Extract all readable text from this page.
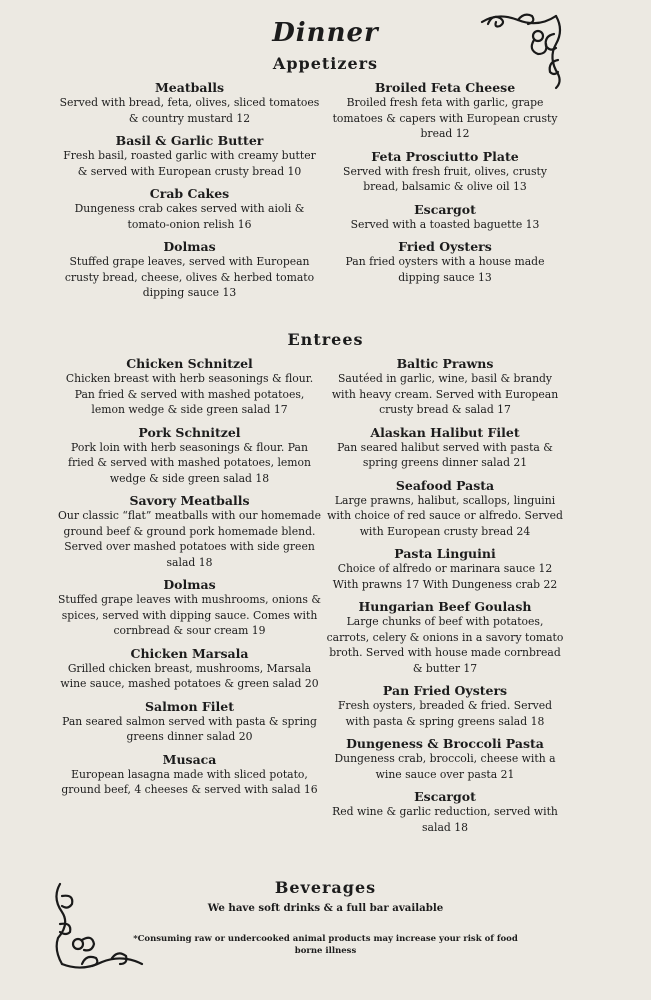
Dinner
Appetizers
Meatballs
Served with bread, feta, olives, sliced tomatoes & country mustard 12
Basil & Garlic Butter
Fresh basil, roasted garlic with creamy butter & served with European crusty bread 10
Crab Cakes
Dungeness crab cakes served with aioli & tomato-onion relish 16
Dolmas
Stuffed grape leaves, served with European crusty bread, cheese, olives & herbed tomato dipping sauce 13
Broiled Feta Cheese
Broiled fresh feta with garlic, grape tomatoes & capers with European crusty bread 12
Feta Prosciutto Plate
Served with fresh fruit, olives, crusty bread, balsamic & olive oil 13
Escargot
Served with a toasted baguette 13
Fried Oysters
Pan fried oysters with a house made dipping sauce 13
Entrees
Chicken Schnitzel
Chicken breast with herb seasonings & flour. Pan fried & served with mashed potatoes, lemon wedge & side green salad 17
Pork Schnitzel
Pork loin with herb seasonings & flour. Pan fried & served with mashed potatoes, lemon wedge & side green salad 18
Savory Meatballs
Our classic “flat” meatballs with our homemade ground beef & ground pork homemade blend. Served over mashed potatoes with side green salad 18
Dolmas
Stuffed grape leaves with mushrooms, onions & spices, served with dipping sauce. Comes with cornbread & sour cream 19
Chicken Marsala
Grilled chicken breast, mushrooms, Marsala wine sauce, mashed potatoes & green salad 20
Salmon Filet
Pan seared salmon served with pasta & spring greens dinner salad 20
Musaca
European lasagna made with sliced potato, ground beef, 4 cheeses & served with salad 16
Baltic Prawns
Sautéed in garlic, wine, basil & brandy with heavy cream. Served with European crusty bread & salad 17
Alaskan Halibut Filet
Pan seared halibut served with pasta & spring greens dinner salad 21
Seafood Pasta
Large prawns, halibut, scallops, linguini with choice of red sauce or alfredo. Served with European crusty bread 24
Pasta Linguini
Choice of alfredo or marinara sauce 12 With prawns 17 With Dungeness crab 22
Hungarian Beef Goulash
Large chunks of beef with potatoes, carrots, celery & onions in a savory tomato broth. Served with house made cornbread & butter 17
Pan Fried Oysters
Fresh oysters, breaded & fried. Served with pasta & spring greens salad 18
Dungeness & Broccoli Pasta
Dungeness crab, broccoli, cheese with a wine sauce over pasta 21
Escargot
Red wine & garlic reduction, served with salad 18
Beverages
We have soft drinks & a full bar available
*Consuming raw or undercooked animal products may increase your risk of food borne illness
